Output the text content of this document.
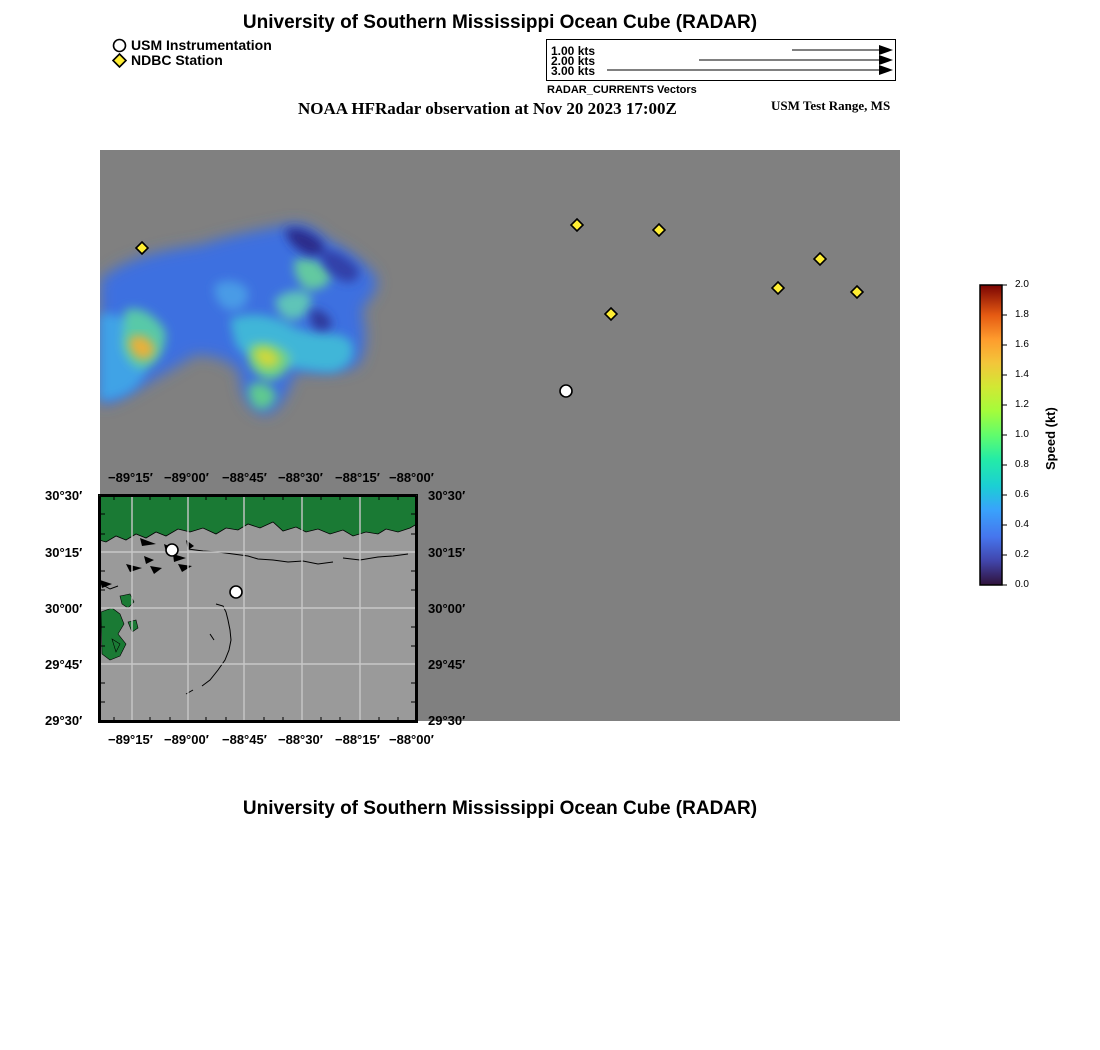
University of Southern Mississippi Ocean Cube (RADAR)
USM Instrumentation
NDBC Station
1.00 kts
2.00 kts
3.00 kts
RADAR_CURRENTS Vectors
NOAA HFRadar observation at Nov 20 2023 17:00Z	USM Test Range, MS
−89°15′ −89°00′ −88°45′ −88°30′ −88°15′ −88°00′
−89°15′ −89°00′ −88°45′ −88°30′ −88°15′ −88°00′
30°30′
30°15′
30°00′
29°45′
29°30′
30°30′
30°15′
30°00′
29°45′
29°30′
2.0
1.8
1.6
1.4
1.2
1.0
0.8
0.6
0.4
0.2
0.0
Speed (kt)
University of Southern Mississippi Ocean Cube (RADAR)
